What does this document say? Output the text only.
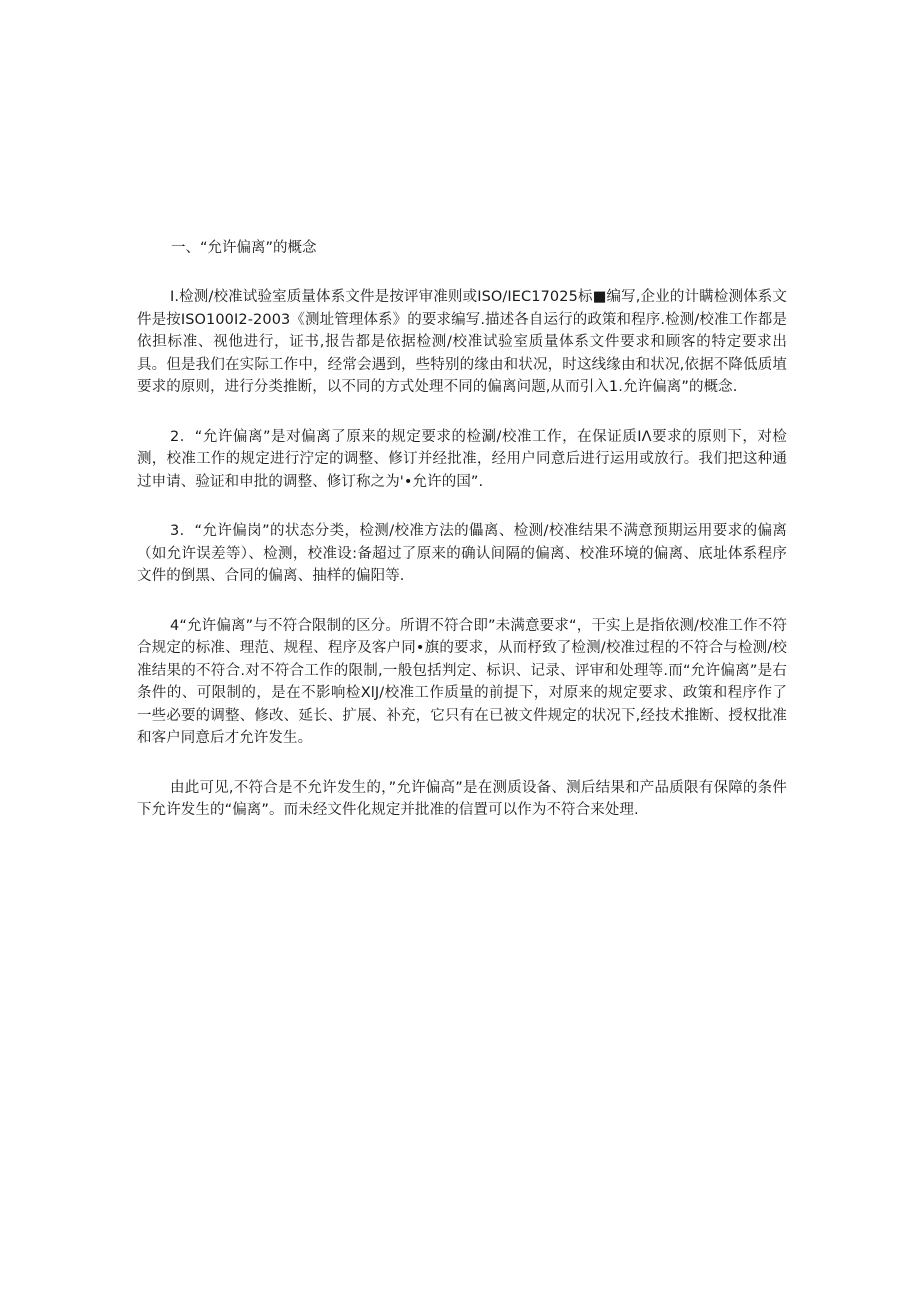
一、“允许偏离”的概念

I.检测/校准试验室质量体系文件是按评审准则或ISO/IEC17025标■编写,企业的计瞒检测体系文件是按ISO100I2-2003《测址管理体系》的要求编写.描述各自运行的政策和程序.检测/校准工作都是依担标准、视他进行，证书,报告都是依据检测/校准试验室质量体系文件要求和顾客的特定要求出具。但是我们在实际工作中，经常会遇到，些特别的缘由和状况，时这线缘由和状况,依据不降低质埴要求的原则，进行分类推断，以不同的方式处理不同的偏离问题,从而引入1.允许偏离”的概念.

2．“允许偏离”是对偏离了原来的规定要求的检涮/校准工作，在保证质IΛ要求的原则下，对检测，校准工作的规定进行泞定的调整、修订并经批准，经用户同意后进行运用或放行。我们把这种通过申请、验证和申批的调整、修订称之为'•允许的国”.

3．“允许偏岗”的状态分类，检测/校准方法的儡离、检测/校准结果不满意预期运用要求的偏离（如允许误差等）、检测，校准设:备超过了原来的确认间隔的偏离、校准环境的偏离、底址体系程序文件的倒黑、合同的偏离、抽样的偏阳等.

4“允许偏离”与不符合限制的区分。所谓不符合即”未满意要求“，干实上是指依测/校准工作不符合规定的标准、理范、规程、程序及客户同•旗的要求，从而杼致了检测/校准过程的不符合与检测/校准结果的不符合.对不符合工作的限制,一般包括判定、标识、记录、评审和处理等.而“允许偏离”是右条件的、可限制的，是在不影响检XlJ/校准工作质量的前提下，对原来的规定要求、政策和程序作了一些必要的调整、修改、延长、扩展、补充，它只有在已被文件规定的状况下,经技术推断、授权批准和客户同意后才允许发生。

由此可见,不符合是不允许发生的，”允许偏高”是在测质设备、测后结果和产品质限有保障的条件下允许发生的“偏离”。而未经文件化规定并批准的信置可以作为不符合来处理.
